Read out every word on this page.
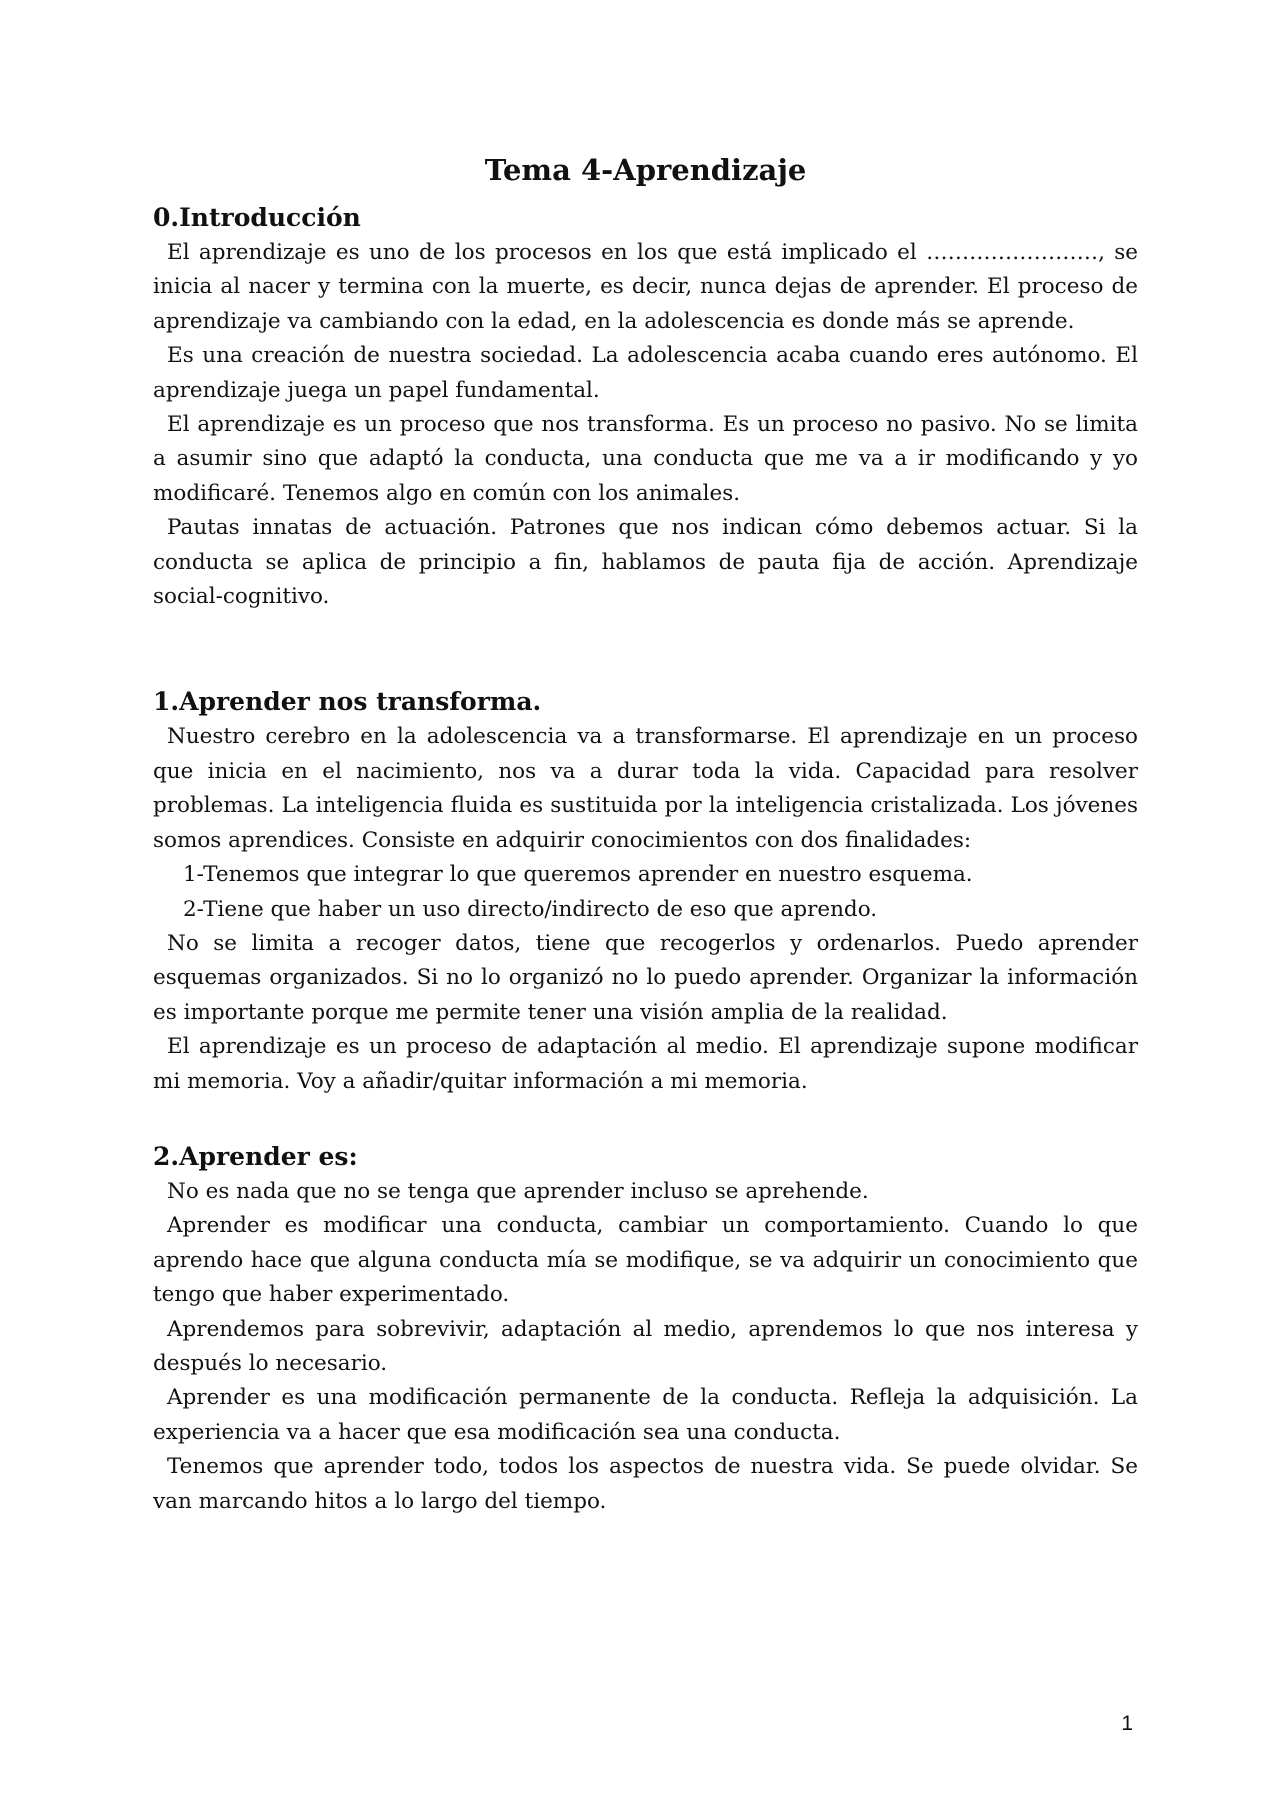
Tema 4-Aprendizaje
0.Introducción

El aprendizaje es uno de los procesos en los que está implicado el ……………………, se inicia al nacer y termina con la muerte, es decir, nunca dejas de aprender. El proceso de aprendizaje va cambiando con la edad, en la adolescencia es donde más se aprende.

Es una creación de nuestra sociedad. La adolescencia acaba cuando eres autónomo. El aprendizaje juega un papel fundamental.

El aprendizaje es un proceso que nos transforma. Es un proceso no pasivo. No se limita a asumir sino que adaptó la conducta, una conducta que me va a ir modificando y yo modificaré. Tenemos algo en común con los animales.

Pautas innatas de actuación. Patrones que nos indican cómo debemos actuar. Si la conducta se aplica de principio a fin, hablamos de pauta fija de acción. Aprendizaje social-cognitivo.

1.Aprender nos transforma.

Nuestro cerebro en la adolescencia va a transformarse. El aprendizaje en un proceso que inicia en el nacimiento, nos va a durar toda la vida. Capacidad para resolver problemas. La inteligencia fluida es sustituida por la inteligencia cristalizada. Los jóvenes somos aprendices. Consiste en adquirir conocimientos con dos finalidades:

1-Tenemos que integrar lo que queremos aprender en nuestro esquema.

2-Tiene que haber un uso directo/indirecto de eso que aprendo.

No se limita a recoger datos, tiene que recogerlos y ordenarlos. Puedo aprender esquemas organizados. Si no lo organizó no lo puedo aprender. Organizar la información es importante porque me permite tener una visión amplia de la realidad.

El aprendizaje es un proceso de adaptación al medio. El aprendizaje supone modificar mi memoria. Voy a añadir/quitar información a mi memoria.

2.Aprender es:

No es nada que no se tenga que aprender incluso se aprehende.

Aprender es modificar una conducta, cambiar un comportamiento. Cuando lo que aprendo hace que alguna conducta mía se modifique, se va adquirir un conocimiento que tengo que haber experimentado.

Aprendemos para sobrevivir, adaptación al medio, aprendemos lo que nos interesa y después lo necesario.

Aprender es una modificación permanente de la conducta. Refleja la adquisición. La experiencia va a hacer que esa modificación sea una conducta.

Tenemos que aprender todo, todos los aspectos de nuestra vida. Se puede olvidar. Se van marcando hitos a lo largo del tiempo.

1
